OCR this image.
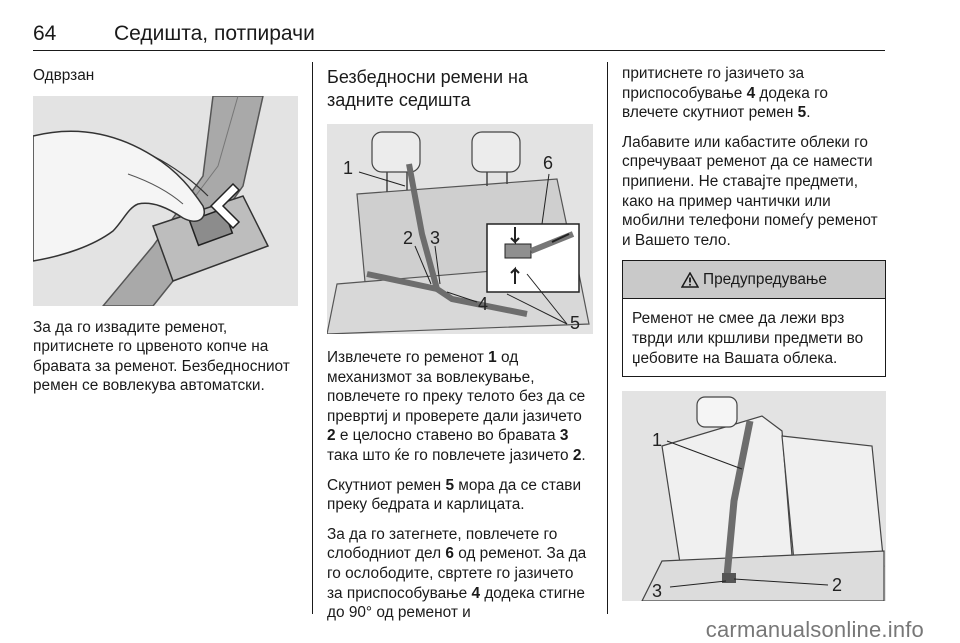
64	Седишта, потпирачи
Одврзан

За да го извадите ременот, притиснете го црвеното копче на бравата за ременот. Безбедносниот ремен се вовлекува автоматски.

Безбедносни ремени на задните седишта
1
2 3
4
5
6

Извлечете го ременот 1 од механизмот за вовлекување, повлечете го преку телото без да се превртиј и проверете дали јазичето 2 е целосно ставено во бравата 3 така што ќе го повлечете јазичето 2.

Скутниот ремен 5 мора да се стави преку бедрата и карлицата.

За да го затегнете, повлечете го слободниот дел 6 од ременот. За да го ослободите, свртете го јазичето за приспособување 4 додека стигне до 90° од ременот и

притиснете го јазичето за приспособување 4 додека го влечете скутниот ремен 5.

Лабавите или кабастите облеки го спречуваат ременот да се намести припиени. Не ставајте предмети, како на пример чантички или мобилни телефони помеѓу ременот и Вашето тело.

Предупредување
Ременот не смее да лежи врз тврди или кршливи предмети во џебовите на Вашата облека.
1
2
3
carmanualsonline.info
